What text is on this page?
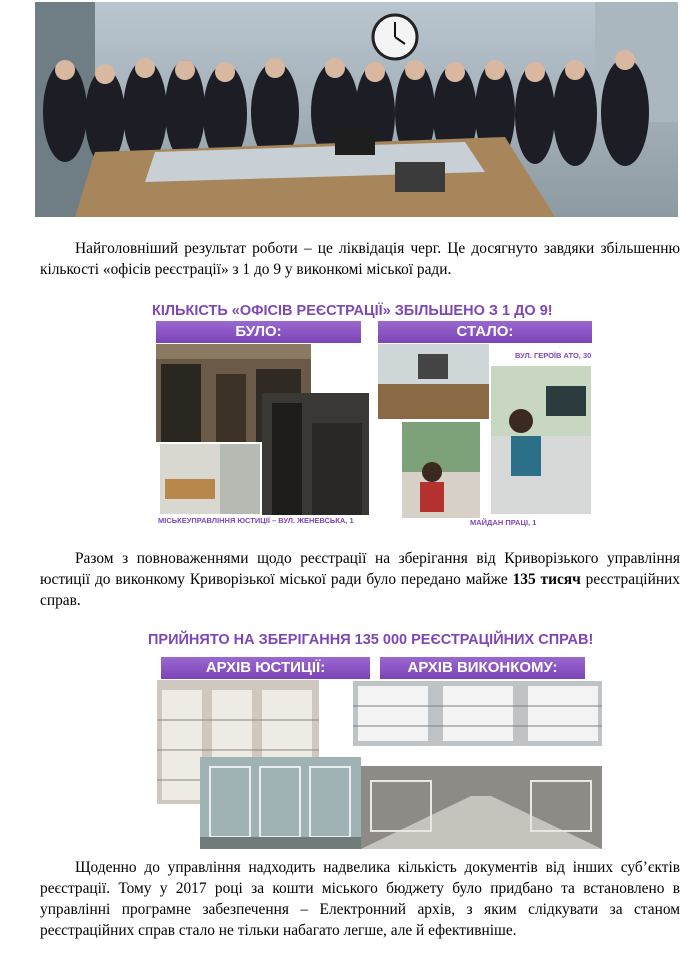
Найголовніший результат роботи – це ліквідація черг. Це досягнуто завдяки збільшенню кількості «офісів реєстрації» з 1 до 9 у виконкомі міської ради.

КІЛЬКІСТЬ «ОФІСІВ РЕЄСТРАЦІЇ» ЗБІЛЬШЕНО З 1 ДО 9!
БУЛО:	СТАЛО:
МІСЬКЕУПРАВЛІННЯ ЮСТИЦІЇ – ВУЛ. ЖЕНЕВСЬКА, 1
ВУЛ. ГЕРОЇВ АТО, 30
МАЙДАН ПРАЦІ, 1

Разом з повноваженнями щодо реєстрації на зберігання від Криворізького управління юстиції до виконкому Криворізької міської ради було передано майже 135 тисяч реєстраційних справ.

ПРИЙНЯТО НА ЗБЕРІГАННЯ 135 000 РЕЄСТРАЦІЙНИХ СПРАВ!
АРХІВ ЮСТИЦІЇ:	АРХІВ ВИКОНКОМУ:

Щоденно до управління надходить надвелика кількість документів від інших суб’єктів реєстрації. Тому у 2017 році за кошти міського бюджету було придбано та встановлено в управлінні програмне забезпечення – Електронний архів, з яким слідкувати за станом реєстраційних справ стало не тільки набагато легше, але й ефективніше.
